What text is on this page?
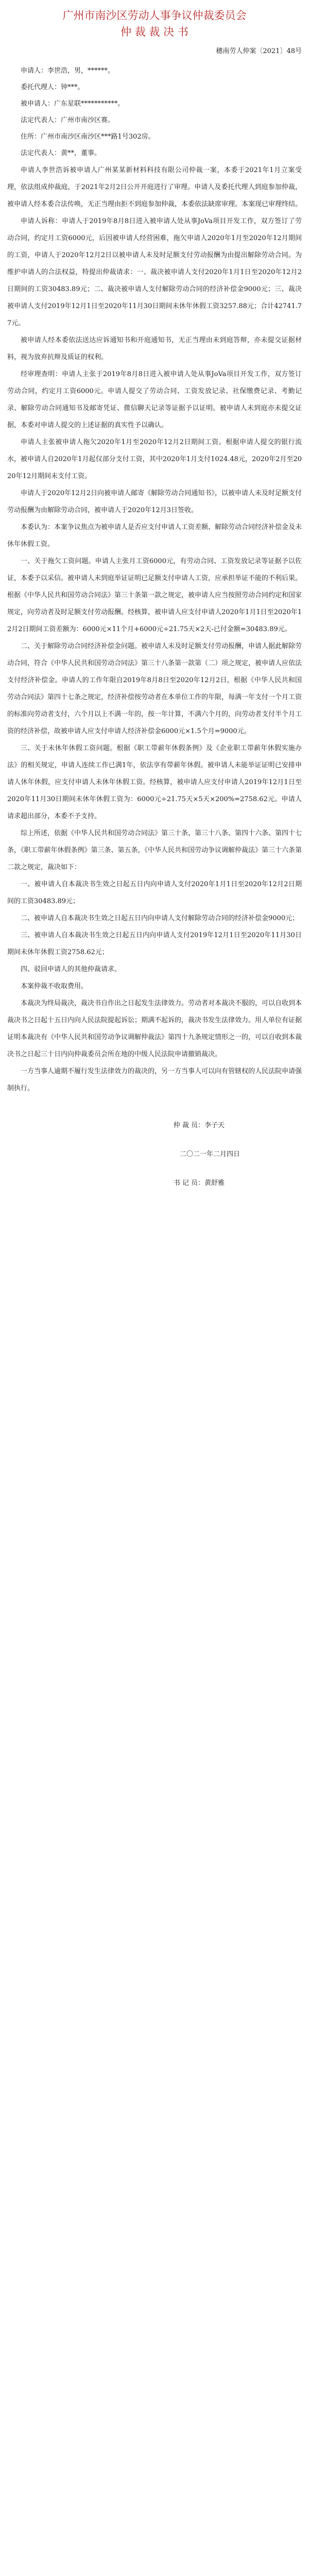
广州市南沙区劳动人事争议仲裁委员会
仲 裁 裁 决 书

穗南劳人仲案〔2021〕48号

申请人：李世浩，男，******。

委托代理人：钟***。

被申请人：广东星联***********。

法定代表人：广州市南沙区赛。

住所：广州市南沙区南沙区***路1号302房。

法定代表人：黄**，董事。

申请人李世浩诉被申请人广州某某新材料科技有限公司仲裁一案，本委于2021年1月立案受理，依法组成仲裁庭，于2021年2月2日公开开庭进行了审理。申请人及委托代理人到庭参加仲裁，被申请人经本委合法传唤，无正当理由拒不到庭参加仲裁，本委依法缺席审理。本案现已审理终结。

申请人诉称：申请人于2019年8月8日进入被申请人处从事JoVa项目开发工作，双方签订了劳动合同，约定月工资6000元，后因被申请人经营困难，拖欠申请人2020年1月至2020年12月期间的工资，申请人于2020年12月2日以被申请人未及时足额支付劳动报酬为由提出解除劳动合同。为维护申请人的合法权益，特提出仲裁请求：一、裁决被申请人支付2020年1月1日至2020年12月2日期间的工资30483.89元；二、裁决被申请人支付解除劳动合同的经济补偿金9000元；三、裁决被申请人支付2019年12月1日至2020年11月30日期间未休年休假工资3257.88元；合计42741.77元。

被申请人经本委依法送达应诉通知书和开庭通知书，无正当理由未到庭答辩，亦未提交证据材料，视为放弃抗辩及质证的权利。

经审理查明：申请人主张于2019年8月8日进入被申请人处从事JoVa项目开发工作，双方签订劳动合同，约定月工资6000元。申请人提交了劳动合同、工资发放记录、社保缴费记录、考勤记录、解除劳动合同通知书及邮寄凭证、微信聊天记录等证据予以证明。被申请人未到庭亦未提交证据，本委对申请人提交的上述证据的真实性予以确认。

申请人主张被申请人拖欠2020年1月至2020年12月2日期间工资。根据申请人提交的银行流水，被申请人自2020年1月起仅部分支付工资，其中2020年1月支付1024.48元，2020年2月至2020年12月期间未支付工资。

申请人于2020年12月2日向被申请人邮寄《解除劳动合同通知书》，以被申请人未及时足额支付劳动报酬为由解除劳动合同，被申请人于2020年12月3日签收。

本委认为：本案争议焦点为被申请人是否应支付申请人工资差额、解除劳动合同经济补偿金及未休年休假工资。

一、关于拖欠工资问题。申请人主张月工资6000元，有劳动合同、工资发放记录等证据予以佐证，本委予以采信。被申请人未到庭举证证明已足额支付申请人工资，应承担举证不能的不利后果。根据《中华人民共和国劳动合同法》第三十条第一款之规定，被申请人应当按照劳动合同约定和国家规定，向劳动者及时足额支付劳动报酬。经核算，被申请人应支付申请人2020年1月1日至2020年12月2日期间工资差额为：6000元×11个月+6000元÷21.75天×2天-已付金额=30483.89元。

二、关于解除劳动合同经济补偿金问题。被申请人未及时足额支付劳动报酬，申请人据此解除劳动合同，符合《中华人民共和国劳动合同法》第三十八条第一款第（二）项之规定，被申请人应依法支付经济补偿金。申请人的工作年限自2019年8月8日至2020年12月2日，根据《中华人民共和国劳动合同法》第四十七条之规定，经济补偿按劳动者在本单位工作的年限，每满一年支付一个月工资的标准向劳动者支付，六个月以上不满一年的，按一年计算，不满六个月的，向劳动者支付半个月工资的经济补偿，故被申请人应支付申请人经济补偿金6000元×1.5个月=9000元。

三、关于未休年休假工资问题。根据《职工带薪年休假条例》及《企业职工带薪年休假实施办法》的相关规定，申请人连续工作已满1年，依法享有带薪年休假。被申请人未能举证证明已安排申请人休年休假，应支付申请人未休年休假工资。经核算，被申请人应支付申请人2019年12月1日至2020年11月30日期间未休年休假工资为：6000元÷21.75天×5天×200%=2758.62元。申请人请求超出部分，本委不予支持。

综上所述，依据《中华人民共和国劳动合同法》第三十条、第三十八条、第四十六条、第四十七条，《职工带薪年休假条例》第三条、第五条，《中华人民共和国劳动争议调解仲裁法》第三十六条第二款之规定，裁决如下：

一、被申请人自本裁决书生效之日起五日内向申请人支付2020年1月1日至2020年12月2日期间的工资30483.89元；

二、被申请人自本裁决书生效之日起五日内向申请人支付解除劳动合同的经济补偿金9000元；

三、被申请人自本裁决书生效之日起五日内向申请人支付2019年12月1日至2020年11月30日期间未休年休假工资2758.62元；

四、驳回申请人的其他仲裁请求。

本案仲裁不收取费用。

本裁决为终局裁决，裁决书自作出之日起发生法律效力。劳动者对本裁决不服的，可以自收到本裁决书之日起十五日内向人民法院提起诉讼；期满不起诉的，裁决书发生法律效力。用人单位有证据证明本裁决有《中华人民共和国劳动争议调解仲裁法》第四十九条规定情形之一的，可以自收到本裁决书之日起三十日内向仲裁委员会所在地的中级人民法院申请撤销裁决。

一方当事人逾期不履行发生法律效力的裁决的，另一方当事人可以向有管辖权的人民法院申请强制执行。

仲 裁 员：李子天

二〇二一年二月四日

书 记 员：黄舒雅
